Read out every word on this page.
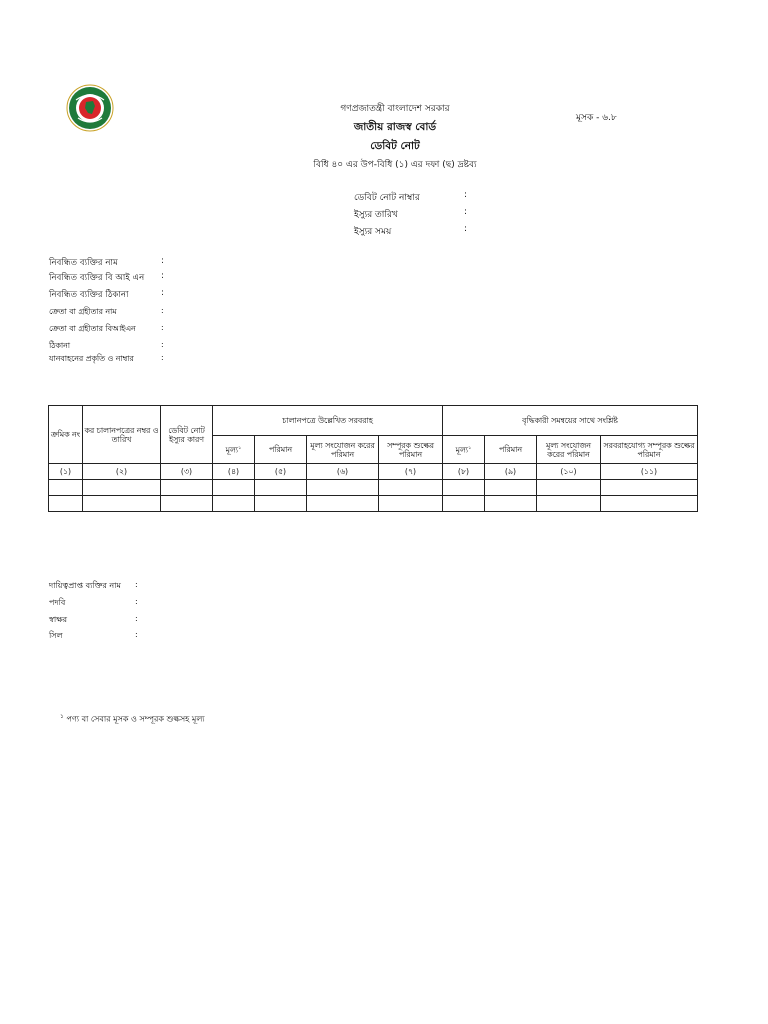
গণপ্রজাতন্ত্রী বাংলাদেশ সরকার
জাতীয় রাজস্ব বোর্ড
ডেবিট নোট
বিধি ৪০ এর উপ-বিধি (১) এর দফা (ছ) দ্রষ্টব্য
মূসক - ৬.৮
ডেবিট নোট নাম্বার	:
ইস্যুর তারিখ	:
ইস্যুর সময়	:
নিবন্ধিত ব্যক্তির নাম	:
নিবন্ধিত ব্যক্তির বি আই এন :
নিবন্ধিত ব্যক্তির ঠিকানা	:
ক্রেতা বা গ্রহীতার নাম	:
ক্রেতা বা গ্রহীতার বিআইএন	:
ঠিকানা	:
যানবাহনের প্রকৃতি ও নাম্বার	:
ক্রমিক নং	কর চালানপত্রের নম্বর ও তারিখ	ডেবিট নোট ইস্যুর কারণ	চালানপত্রে উল্লেখিত সরবরাহ				বৃদ্ধিকারী সমন্বয়ের সাথে সংশ্লিষ্ট			
			মূল্য$^১$	পরিমান	মূল্য সংযোজন করের পরিমান	সম্পূরক শুল্কের পরিমান	মূল্য$^১$	পরিমান	মূল্য সংযোজন করের পরিমান	সরবরাহযোগ্য সম্পূরক শুল্কের পরিমান
(১)	(২)	(৩)	(৪)	(৫)	(৬)	(৭)	(৮)	(৯)	(১০)	(১১)

দায়িত্বপ্রাপ্ত ব্যক্তির নাম :
পদবি	:
স্বাক্ষর	:
সিল	:
$^১$ পণ্য বা সেবার মূসক ও সম্পূরক শুল্কসহ মূল্য
